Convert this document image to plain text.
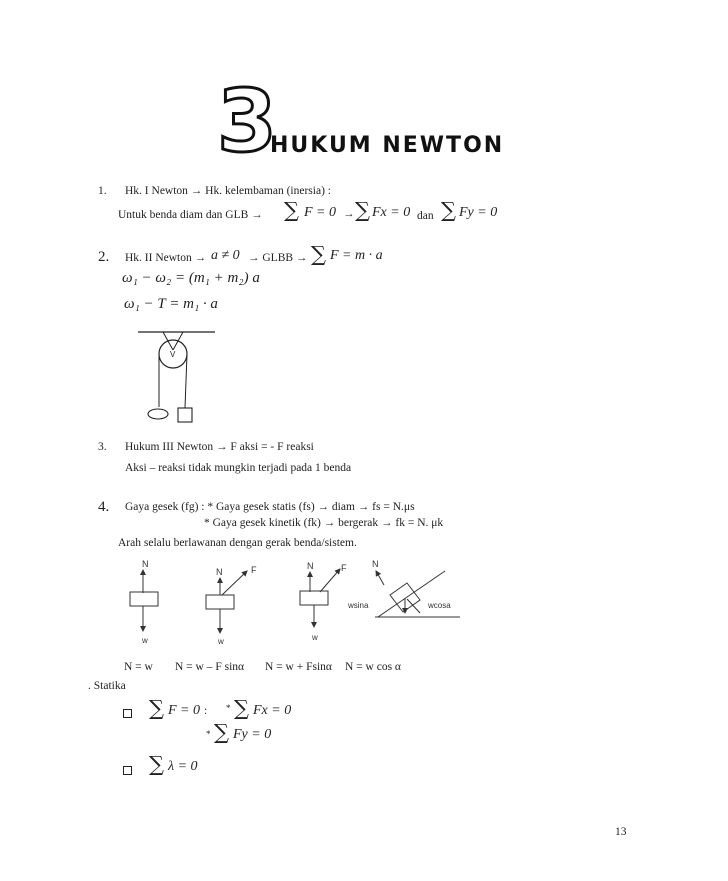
3
HUKUM NEWTON
1. Hk. I Newton → Hk. kelembaman (inersia) :
Untuk benda diam dan GLB → ∑ F = 0 → ∑ Fx = 0 dan ∑ Fy = 0
2. Hk. II Newton → a ≠ 0 → GLBB → ∑ F = m · a
ω₁ − ω₂ = (m₁ + m₂) a
ω₁ − T = m₁ · a
V
3. Hukum III Newton → F aksi = - F reaksi
Aksi – reaksi tidak mungkin terjadi pada 1 benda
4. Gaya gesek (fg) : * Gaya gesek statis (fs) → diam → fs = N.μs
* Gaya gesek kinetik (fk) → bergerak → fk = N. μk
Arah selalu berlawanan dengan gerak benda/sistem.
N
w
N	F
w
N	F
w
N
wsina	wcosa
N = w N = w – F sinα N = w + Fsinα N = w cos α
. Statika
∑ F = 0 : * ∑ Fx = 0
* ∑ Fy = 0
∑ λ = 0
13
